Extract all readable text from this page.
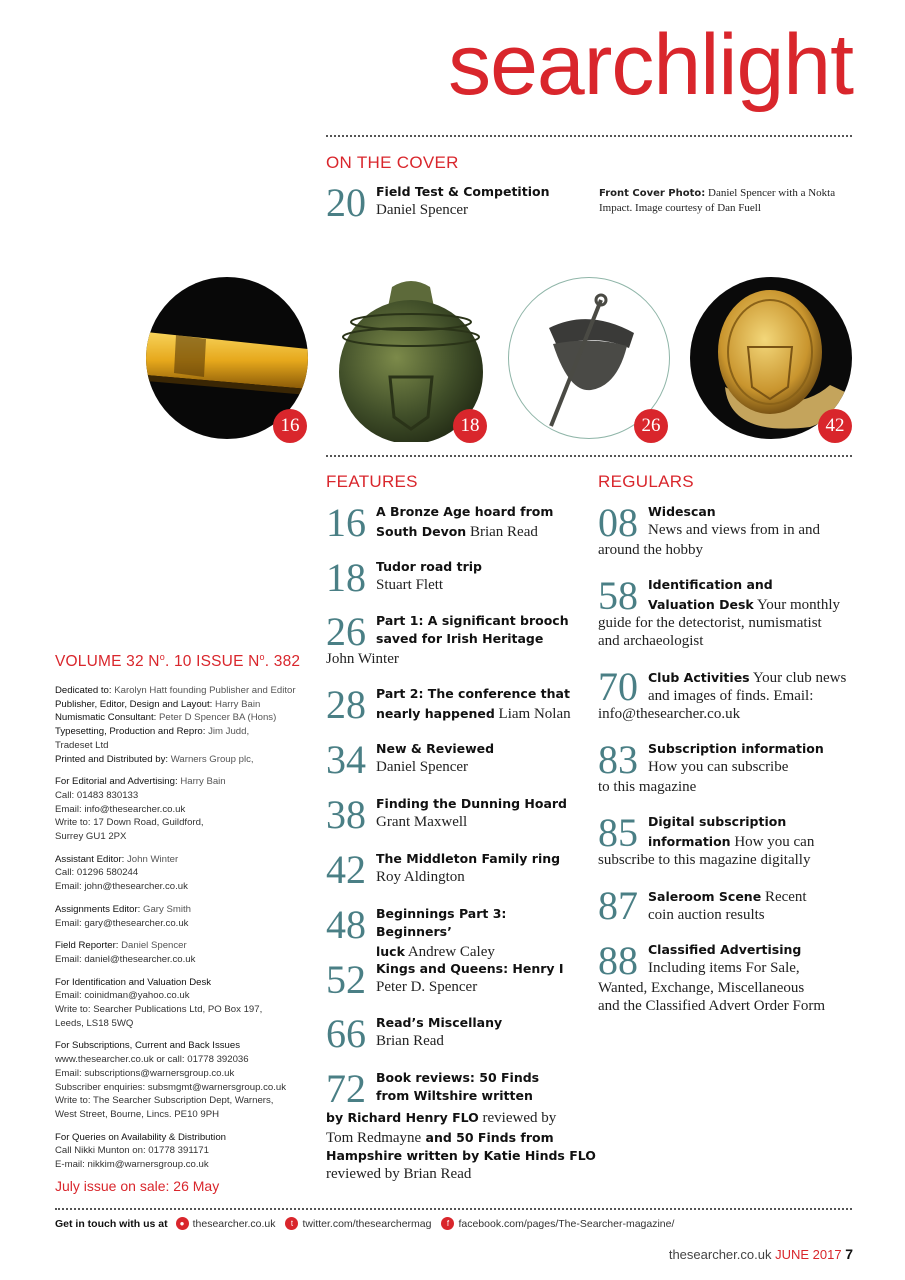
searchlight
ON THE COVER
20 Field Test & Competition
Daniel Spencer
Front Cover Photo: Daniel Spencer with a Nokta Impact. Image courtesy of Dan Fuell
16	18	26	42
FEATURES
16 A Bronze Age hoard from
South Devon Brian Read
18 Tudor road trip
Stuart Flett
26 Part 1: A significant brooch
saved for Irish Heritage
John Winter
28 Part 2: The conference that
nearly happened Liam Nolan
34 New & Reviewed
Daniel Spencer
38 Finding the Dunning Hoard
Grant Maxwell
42 The Middleton Family ring
Roy Aldington
48 Beginnings Part 3: Beginners’
luck Andrew Caley
52 Kings and Queens: Henry I
Peter D. Spencer
66 Read’s Miscellany
Brian Read
72 Book reviews: 50 Finds
from Wiltshire written
by Richard Henry FLO reviewed by
Tom Redmayne and 50 Finds from
Hampshire written by Katie Hinds FLO
reviewed by Brian Read
REGULARS
08 Widescan
News and views from in and
around the hobby
58 Identification and
Valuation Desk Your monthly
guide for the detectorist, numismatist
and archaeologist
70 Club Activities Your club news
and images of finds. Email:
info@thesearcher.co.uk
83 Subscription information
How you can subscribe
to this magazine
85 Digital subscription
information How you can
subscribe to this magazine digitally
87 Saleroom Scene Recent
coin auction results
88 Classified Advertising
Including items For Sale,
Wanted, Exchange, Miscellaneous
and the Classified Advert Order Form
VOLUME 32 $N^o$. 10 ISSUE $N^o$. 382
Dedicated to: Karolyn Hatt founding Publisher and Editor
Publisher, Editor, Design and Layout: Harry Bain
Numismatic Consultant: Peter D Spencer BA (Hons)
Typesetting, Production and Repro: Jim Judd,
Tradeset Ltd
Printed and Distributed by: Warners Group plc,
For Editorial and Advertising: Harry Bain
Call: 01483 830133
Email: info@thesearcher.co.uk
Write to: 17 Down Road, Guildford,
Surrey GU1 2PX
Assistant Editor: John Winter
Call: 01296 580244
Email: john@thesearcher.co.uk
Assignments Editor: Gary Smith
Email: gary@thesearcher.co.uk
Field Reporter: Daniel Spencer
Email: daniel@thesearcher.co.uk
For Identification and Valuation Desk
Email: coinidman@yahoo.co.uk
Write to: Searcher Publications Ltd, PO Box 197,
Leeds, LS18 5WQ
For Subscriptions, Current and Back Issues
www.thesearcher.co.uk or call: 01778 392036
Email: subscriptions@warnersgroup.co.uk
Subscriber enquiries: subsmgmt@warnersgroup.co.uk
Write to: The Searcher Subscription Dept, Warners,
West Street, Bourne, Lincs. PE10 9PH
For Queries on Availability & Distribution
Call Nikki Munton on: 01778 391171
E-mail: nikkim@warnersgroup.co.uk
July issue on sale: 26 May
Get in touch with us at	● thesearcher.co.uk	t twitter.com/thesearchermag	f facebook.com/pages/The-Searcher-magazine/
thesearcher.co.uk JUNE 2017 7
